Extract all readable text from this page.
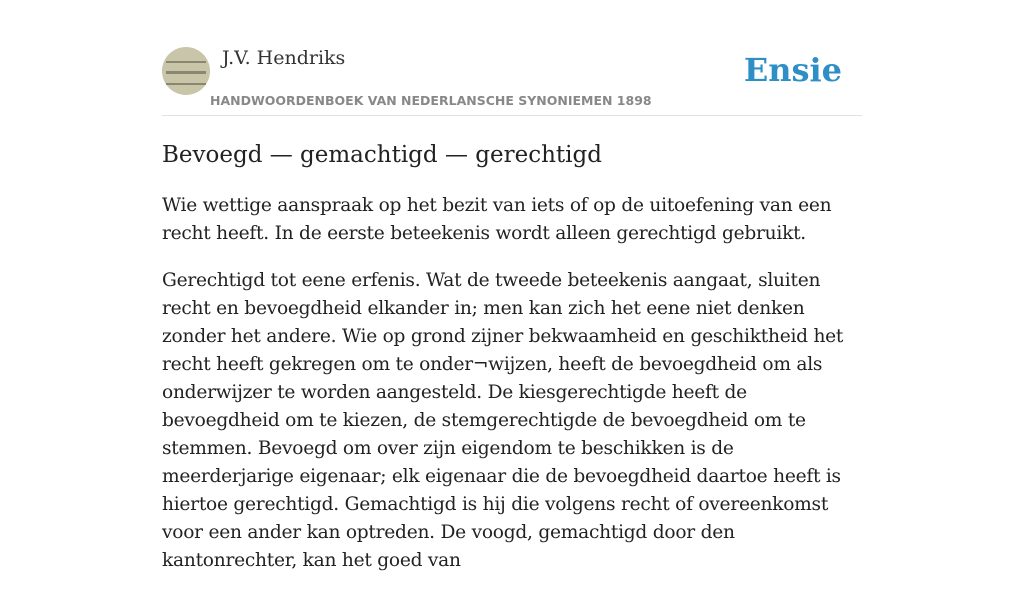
J.V. Hendriks
HANDWOORDENBOEK VAN NEDERLANSCHE SYNONIEMEN 1898
Ensie
Bevoegd — gemachtigd — gerechtigd

Wie wettige aanspraak op het bezit van iets of op de uitoefening van een recht heeft. In de eerste beteekenis wordt alleen gerechtigd gebruikt.

Gerechtigd tot eene erfenis. Wat de tweede beteekenis aangaat, sluiten recht en bevoegdheid elkander in; men kan zich het eene niet denken zonder het andere. Wie op grond zijner bekwaamheid en geschiktheid het recht heeft gekregen om te onder¬wijzen, heeft de bevoegdheid om als onderwijzer te worden aangesteld. De kiesgerechtigde heeft de bevoegdheid om te kiezen, de stemgerechtigde de bevoegdheid om te stemmen. Bevoegd om over zijn eigendom te beschikken is de meerderjarige eigenaar; elk eigenaar die de bevoegdheid daartoe heeft is hiertoe gerechtigd. Gemachtigd is hij die volgens recht of overeenkomst voor een ander kan optreden. De voogd, gemachtigd door den kantonrechter, kan het goed van
